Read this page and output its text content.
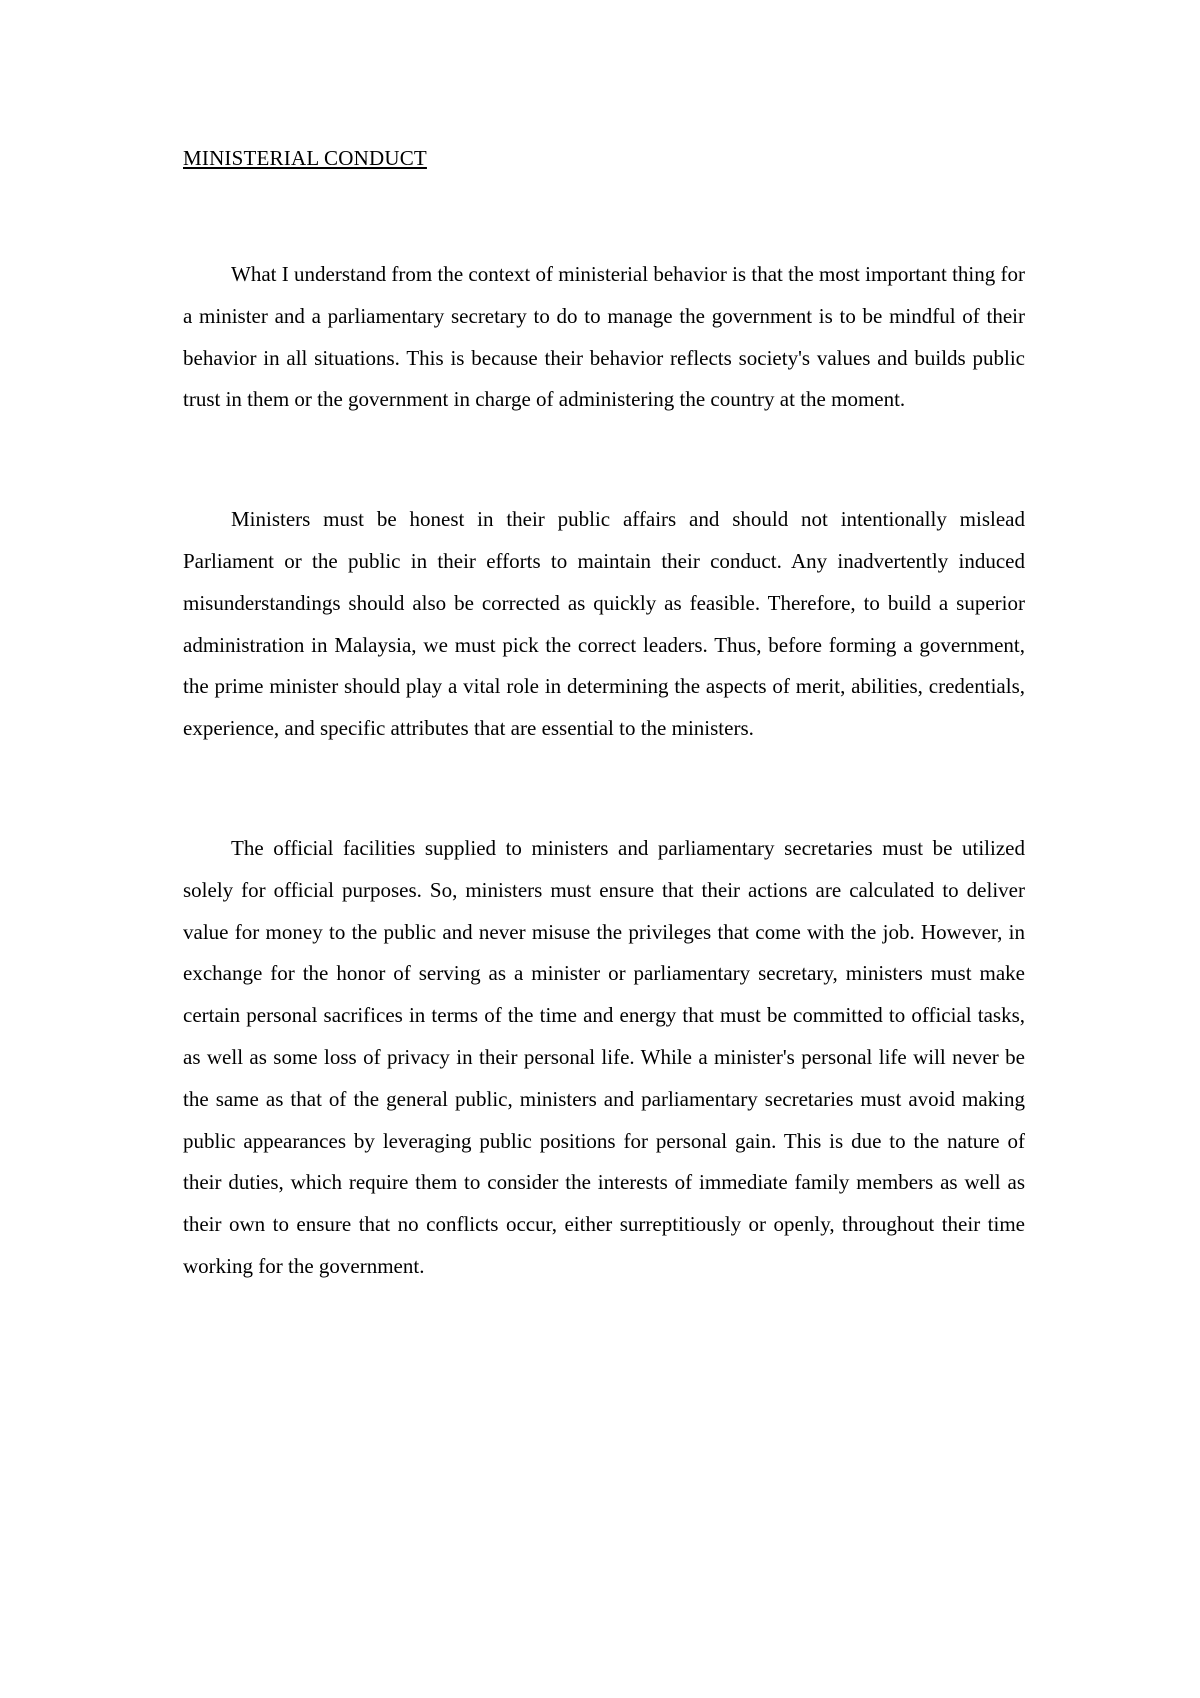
MINISTERIAL CONDUCT

What I understand from the context of ministerial behavior is that the most important thing for a minister and a parliamentary secretary to do to manage the government is to be mindful of their behavior in all situations. This is because their behavior reflects society's values and builds public trust in them or the government in charge of administering the country at the moment.

Ministers must be honest in their public affairs and should not intentionally mislead Parliament or the public in their efforts to maintain their conduct. Any inadvertently induced misunderstandings should also be corrected as quickly as feasible. Therefore, to build a superior administration in Malaysia, we must pick the correct leaders. Thus, before forming a government, the prime minister should play a vital role in determining the aspects of merit, abilities, credentials, experience, and specific attributes that are essential to the ministers.

The official facilities supplied to ministers and parliamentary secretaries must be utilized solely for official purposes. So, ministers must ensure that their actions are calculated to deliver value for money to the public and never misuse the privileges that come with the job. However, in exchange for the honor of serving as a minister or parliamentary secretary, ministers must make certain personal sacrifices in terms of the time and energy that must be committed to official tasks, as well as some loss of privacy in their personal life. While a minister's personal life will never be the same as that of the general public, ministers and parliamentary secretaries must avoid making public appearances by leveraging public positions for personal gain. This is due to the nature of their duties, which require them to consider the interests of immediate family members as well as their own to ensure that no conflicts occur, either surreptitiously or openly, throughout their time working for the government.
